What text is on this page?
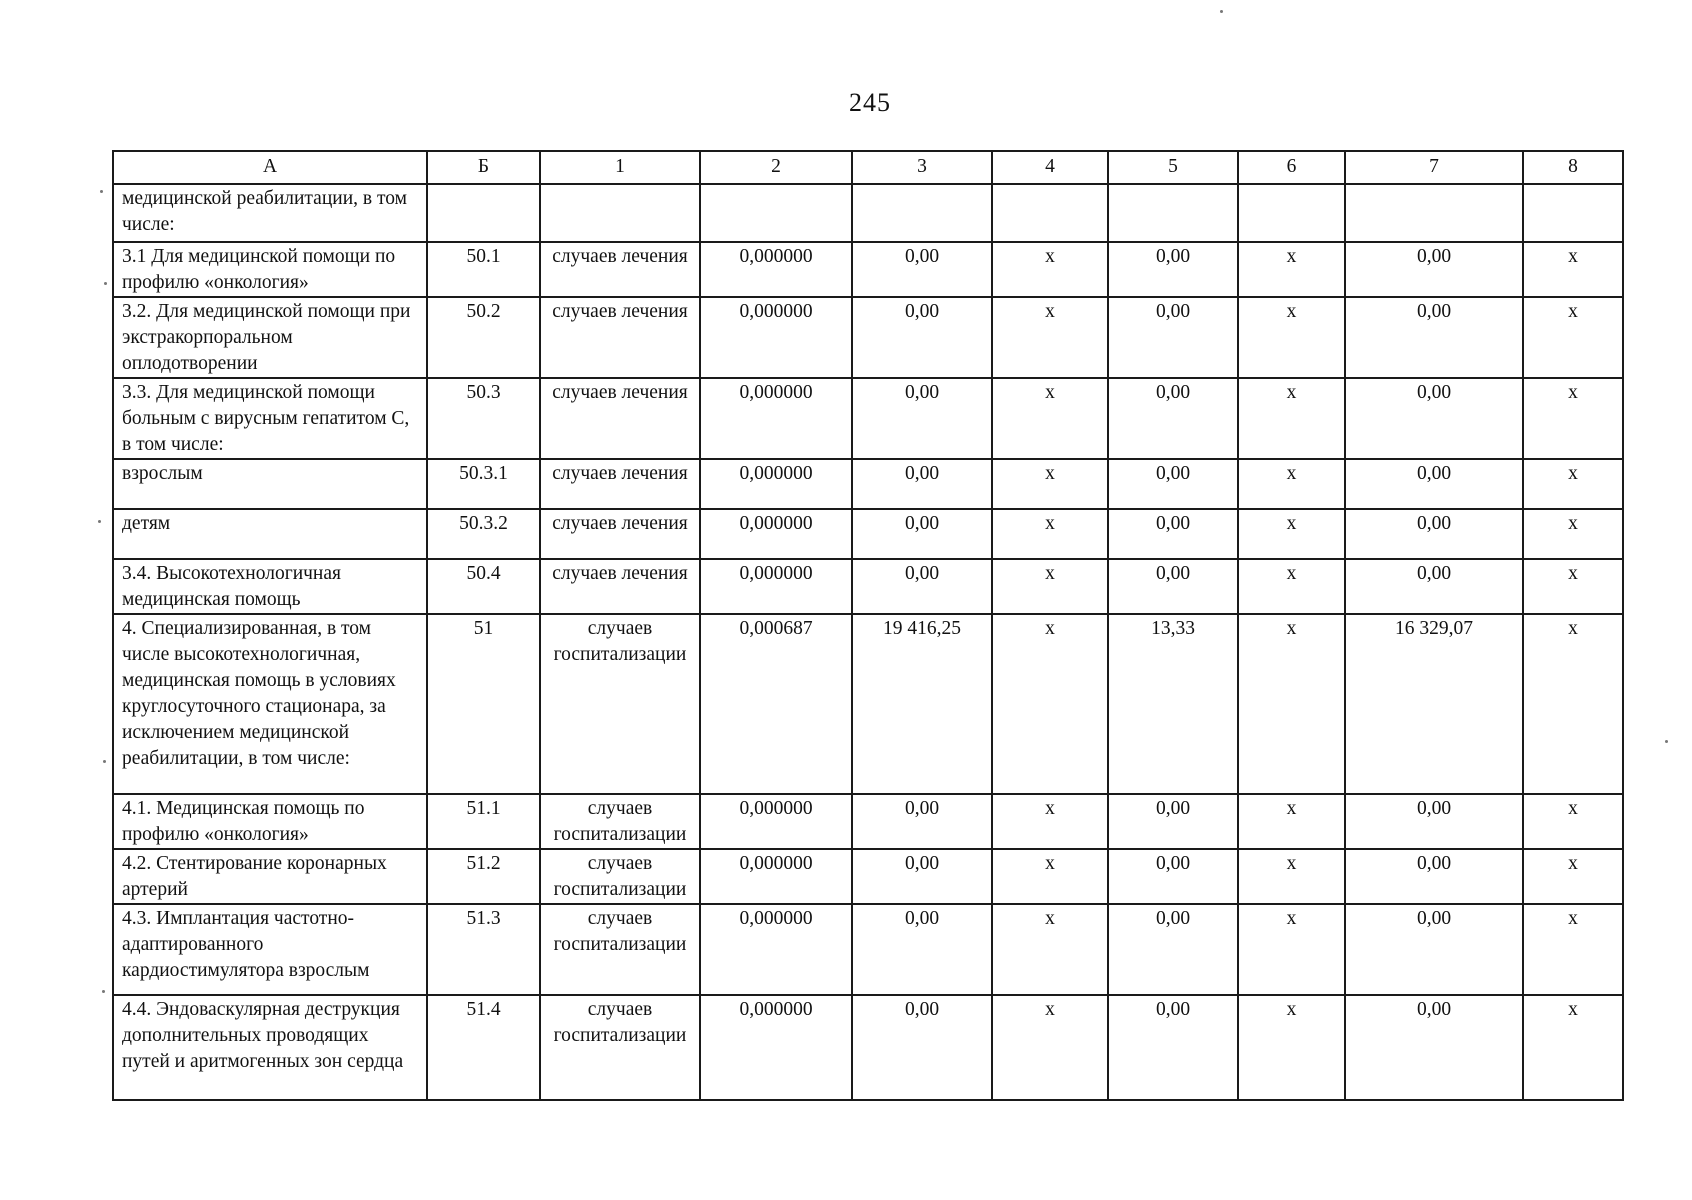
245
А	Б	1	2	3	4	5	6	7	8
медицинской реабилитации, в том числе:									
3.1 Для медицинской помощи по профилю «онкология»	50.1	случаев лечения	0,000000	0,00	х	0,00	х	0,00	х
3.2. Для медицинской помощи при экстракорпоральном оплодотворении	50.2	случаев лечения	0,000000	0,00	х	0,00	х	0,00	х
3.3. Для медицинской помощи больным с вирусным гепатитом С, в том числе:	50.3	случаев лечения	0,000000	0,00	х	0,00	х	0,00	х
взрослым	50.3.1	случаев лечения	0,000000	0,00	х	0,00	х	0,00	х
детям	50.3.2	случаев лечения	0,000000	0,00	х	0,00	х	0,00	х
3.4. Высокотехнологичная медицинская помощь	50.4	случаев лечения	0,000000	0,00	х	0,00	х	0,00	х
4. Специализированная, в том числе высокотехнологичная, медицинская помощь в условиях круглосуточного стационара, за исключением медицинской реабилитации, в том числе:	51	случаев госпитализации	0,000687	19 416,25	х	13,33	х	16 329,07	х
4.1. Медицинская помощь по профилю «онкология»	51.1	случаев госпитализации	0,000000	0,00	х	0,00	х	0,00	х
4.2. Стентирование коронарных артерий	51.2	случаев госпитализации	0,000000	0,00	х	0,00	х	0,00	х
4.3. Имплантация частотно-адаптированного кардиостимулятора взрослым	51.3	случаев госпитализации	0,000000	0,00	х	0,00	х	0,00	х
4.4. Эндоваскулярная деструкция дополнительных проводящих путей и аритмогенных зон сердца	51.4	случаев госпитализации	0,000000	0,00	х	0,00	х	0,00	х
